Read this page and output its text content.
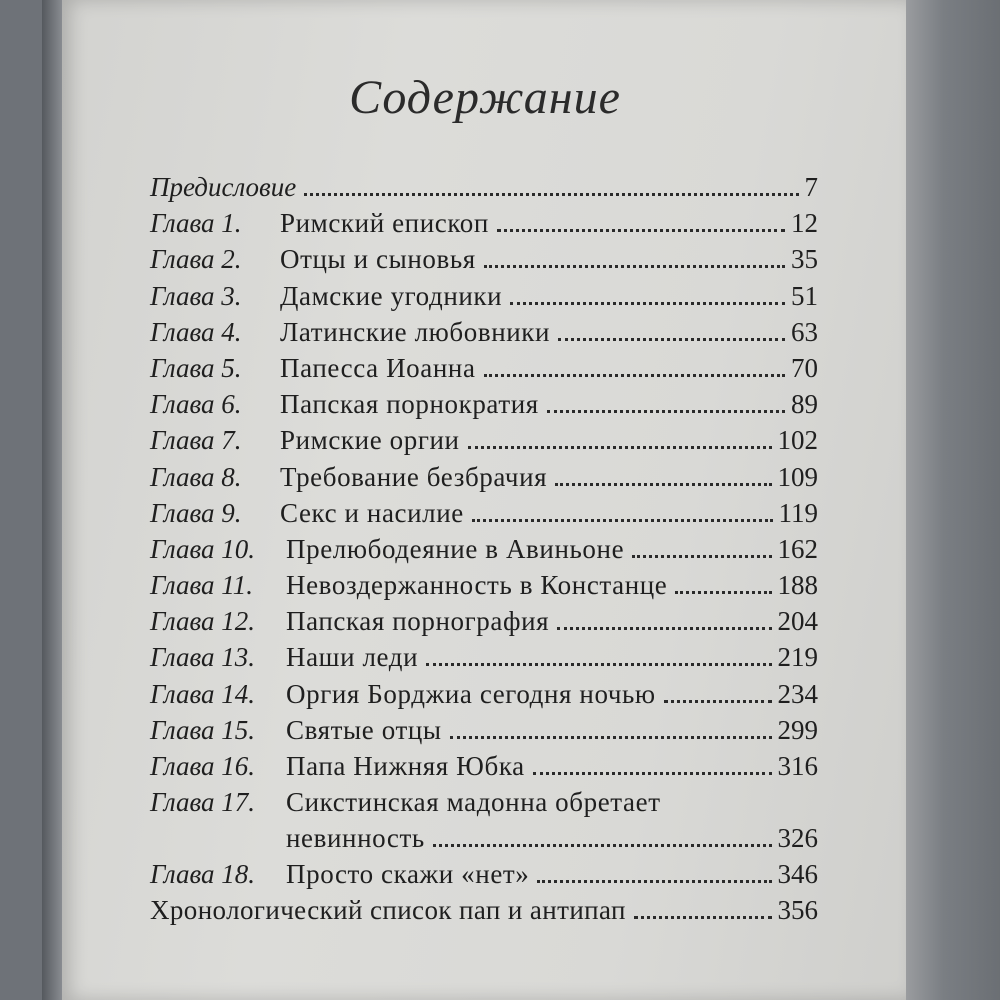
Содержание
Предисловие	7
Глава 1.	Римский епископ	12
Глава 2.	Отцы и сыновья	35
Глава 3.	Дамские угодники	51
Глава 4.	Латинские любовники	63
Глава 5.	Папесса Иоанна	70
Глава 6.	Папская порнократия	89
Глава 7.	Римские оргии	102
Глава 8.	Требование безбрачия	109
Глава 9.	Секс и насилие	119
Глава 10.	Прелюбодеяние в Авиньоне	162
Глава 11.	Невоздержанность в Констанце	188
Глава 12.	Папская порнография	204
Глава 13.	Наши леди	219
Глава 14.	Оргия Борджиа сегодня ночью	234
Глава 15.	Святые отцы	299
Глава 16.	Папа Нижняя Юбка	316
Глава 17.	Сикстинская мадонна обретает
невинность	326
Глава 18.	Просто скажи «нет»	346
Хронологический список пап и антипап	356
